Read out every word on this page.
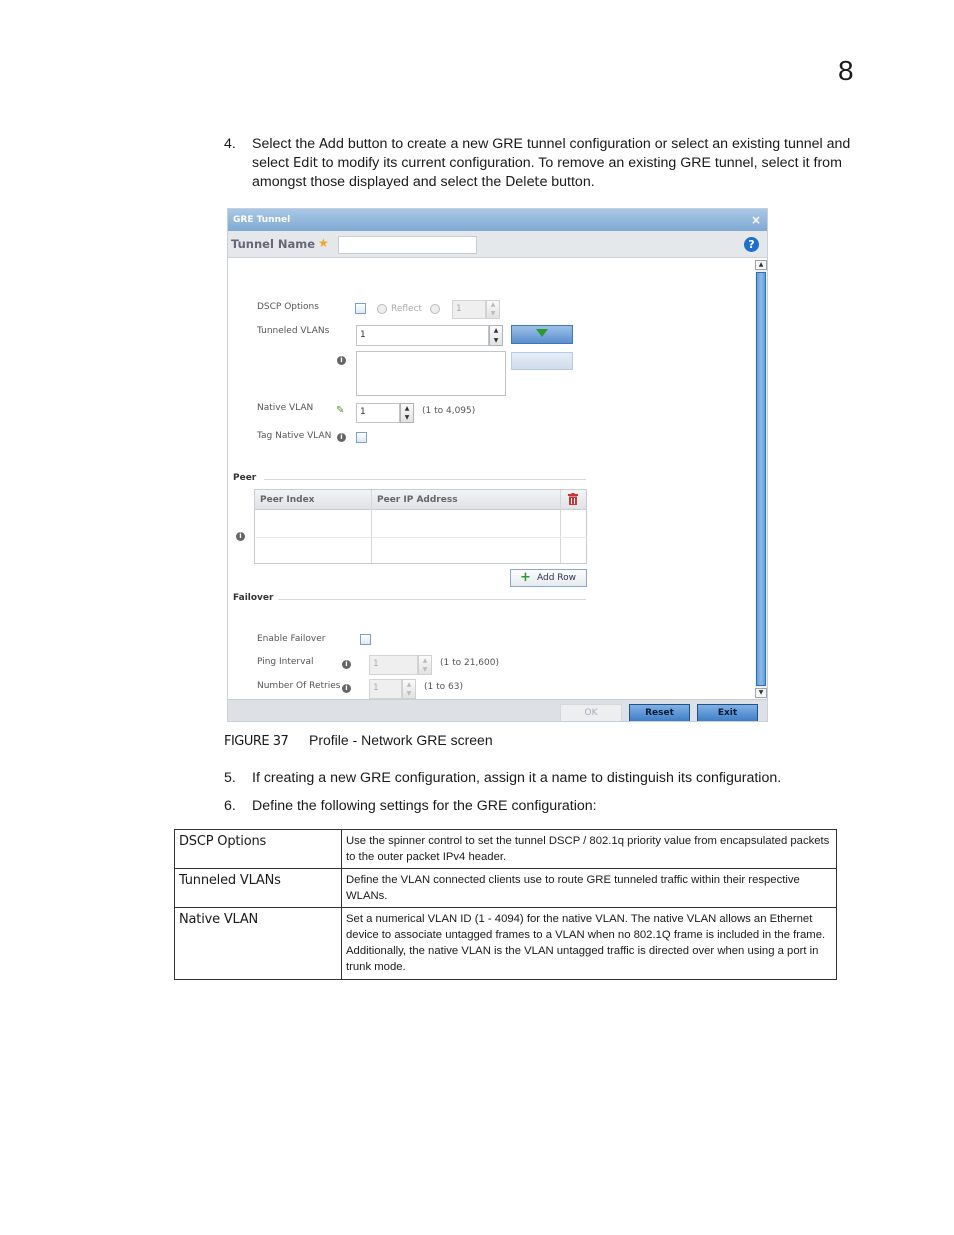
8
4. Select the Add button to create a new GRE tunnel configuration or select an existing tunnel and select Edit to modify its current configuration. To remove an existing GRE tunnel, select it from amongst those displayed and select the Delete button.
GRE Tunnel	×
Tunnel Name ★	?
DSCP Options	Reflect	1	▲
▼
Tunneled VLANs	1	▲
▼
i
Native VLAN ✎	1	▲
▼
(1 to 4,095)
Tag Native VLAN	i
Peer
i
Peer Index	Peer IP Address
+ Add Row
Failover
Enable Failover
Ping Interval	i	1	▲
▼
(1 to 21,600)
Number Of Retries i	1	▲
▼
(1 to 63)
▲
▼
OK	Reset	Exit
FIGURE 37 Profile - Network GRE screen
5. If creating a new GRE configuration, assign it a name to distinguish its configuration.
6. Define the following settings for the GRE configuration:
DSCP Options	Use the spinner control to set the tunnel DSCP / 802.1q priority value from encapsulated packets to the outer packet IPv4 header.
Tunneled VLANs	Define the VLAN connected clients use to route GRE tunneled traffic within their respective WLANs.
Native VLAN	Set a numerical VLAN ID (1 - 4094) for the native VLAN. The native VLAN allows an Ethernet device to associate untagged frames to a VLAN when no 802.1Q frame is included in the frame. Additionally, the native VLAN is the VLAN untagged traffic is directed over when using a port in trunk mode.
